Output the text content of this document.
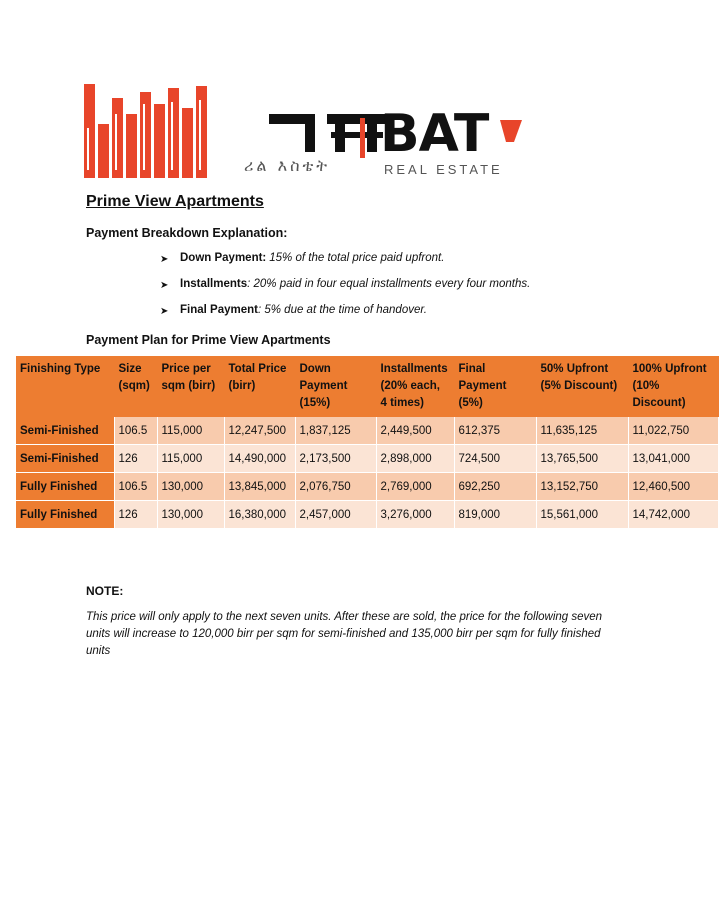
ሪል እስቴት
BAT
REAL ESTATE
Prime View Apartments

Payment Breakdown Explanation:

➤	Down Payment: 15% of the total price paid upfront.
➤	Installments : 20% paid in four equal installments every four months.
➤	Final Payment : 5% due at the time of handover.

Payment Plan for Prime View Apartments

Finishing Type	Size (sqm)	Price per sqm (birr)	Total Price (birr)	Down Payment (15%)	Installments (20% each, 4 times)	Final Payment (5%)	50% Upfront (5% Discount)	100% Upfront (10% Discount)
Semi-Finished	106.5	115,000	12,247,500	1,837,125	2,449,500	612,375	11,635,125	11,022,750
Semi-Finished	126	115,000	14,490,000	2,173,500	2,898,000	724,500	13,765,500	13,041,000
Fully Finished	106.5	130,000	13,845,000	2,076,750	2,769,000	692,250	13,152,750	12,460,500
Fully Finished	126	130,000	16,380,000	2,457,000	3,276,000	819,000	15,561,000	14,742,000

NOTE:

This price will only apply to the next seven units. After these are sold, the price for the following seven units will increase to 120,000 birr per sqm for semi-finished and 135,000 birr per sqm for fully finished units
